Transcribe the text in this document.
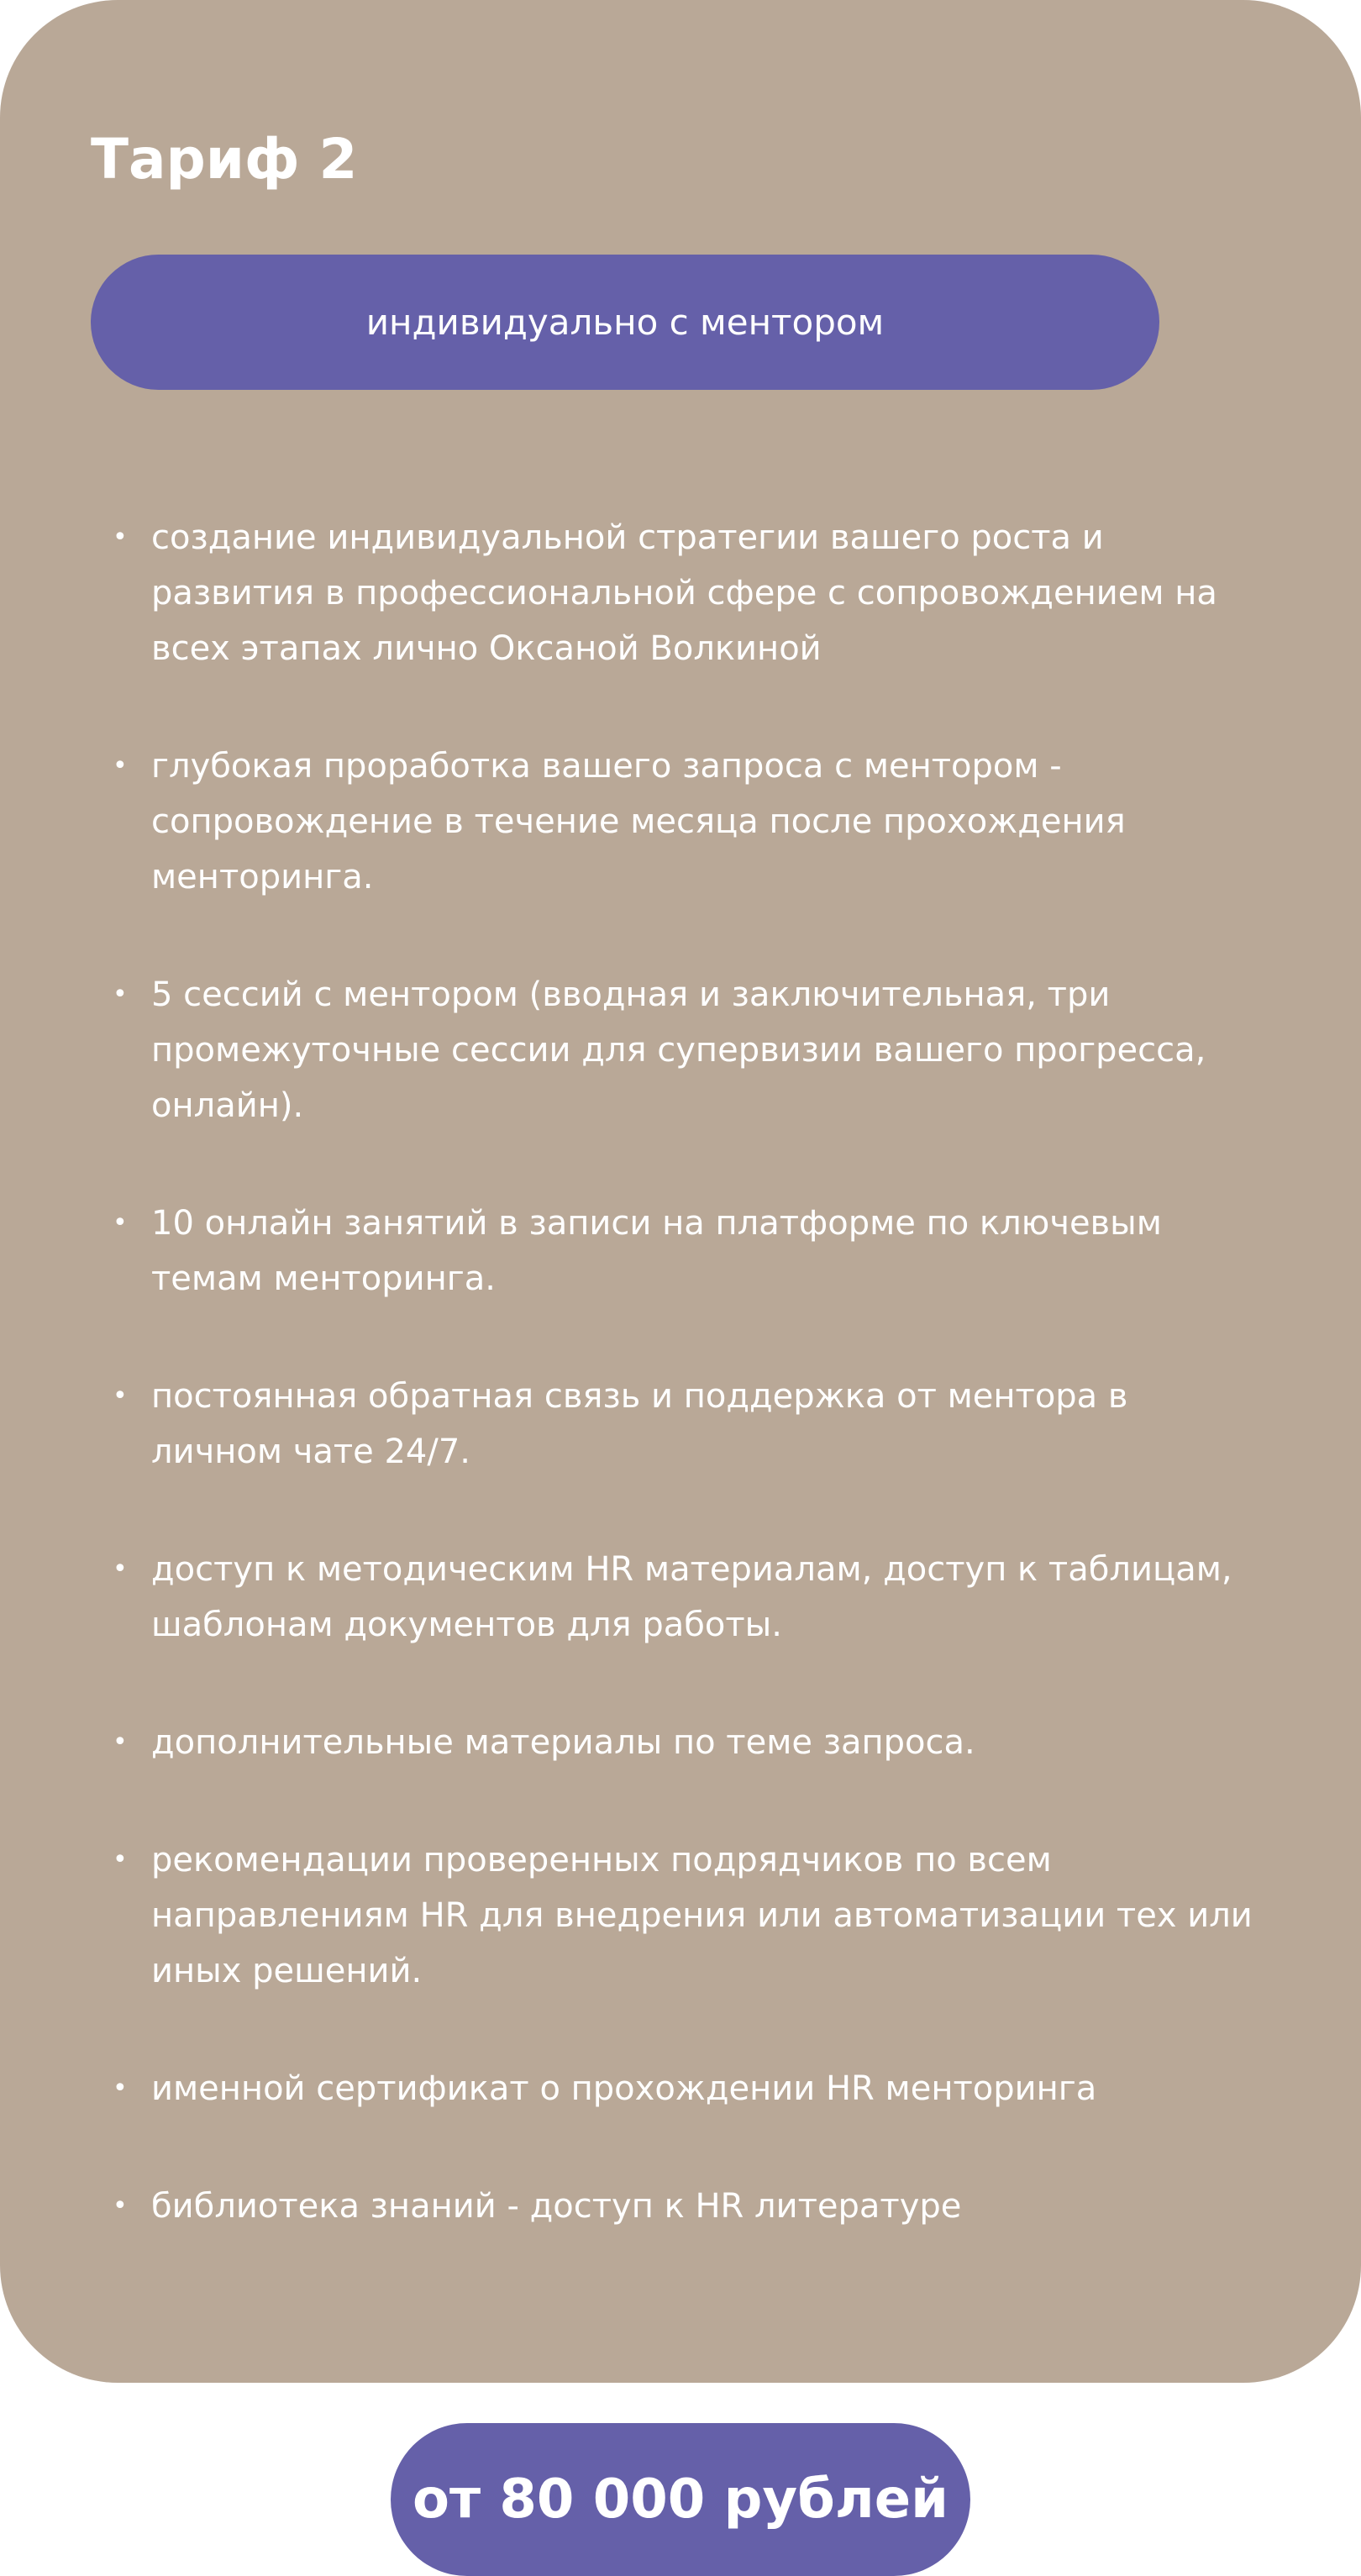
Тариф 2
индивидуально с ментором
• создание индивидуальной стратегии вашего роста и развития в профессиональной сфере с сопровождением на всех этапах лично Оксаной Волкиной
• глубокая проработка вашего запроса с ментором - сопровождение в течение месяца после прохождения менторинга.
• 5 сессий с ментором (вводная и заключительная, три промежуточные сессии для супервизии вашего прогресса, онлайн).
• 10 онлайн занятий в записи на платформе по ключевым темам менторинга.
• постоянная обратная связь и поддержка от ментора в личном чате 24/7.
• доступ к методическим HR материалам, доступ к таблицам, шаблонам документов для работы.
• дополнительные материалы по теме запроса.
• рекомендации проверенных подрядчиков по всем направлениям HR для внедрения или автоматизации тех или иных решений.
• именной сертификат о прохождении HR менторинга
• библиотека знаний - доступ к HR литературе
от 80 000 рублей
